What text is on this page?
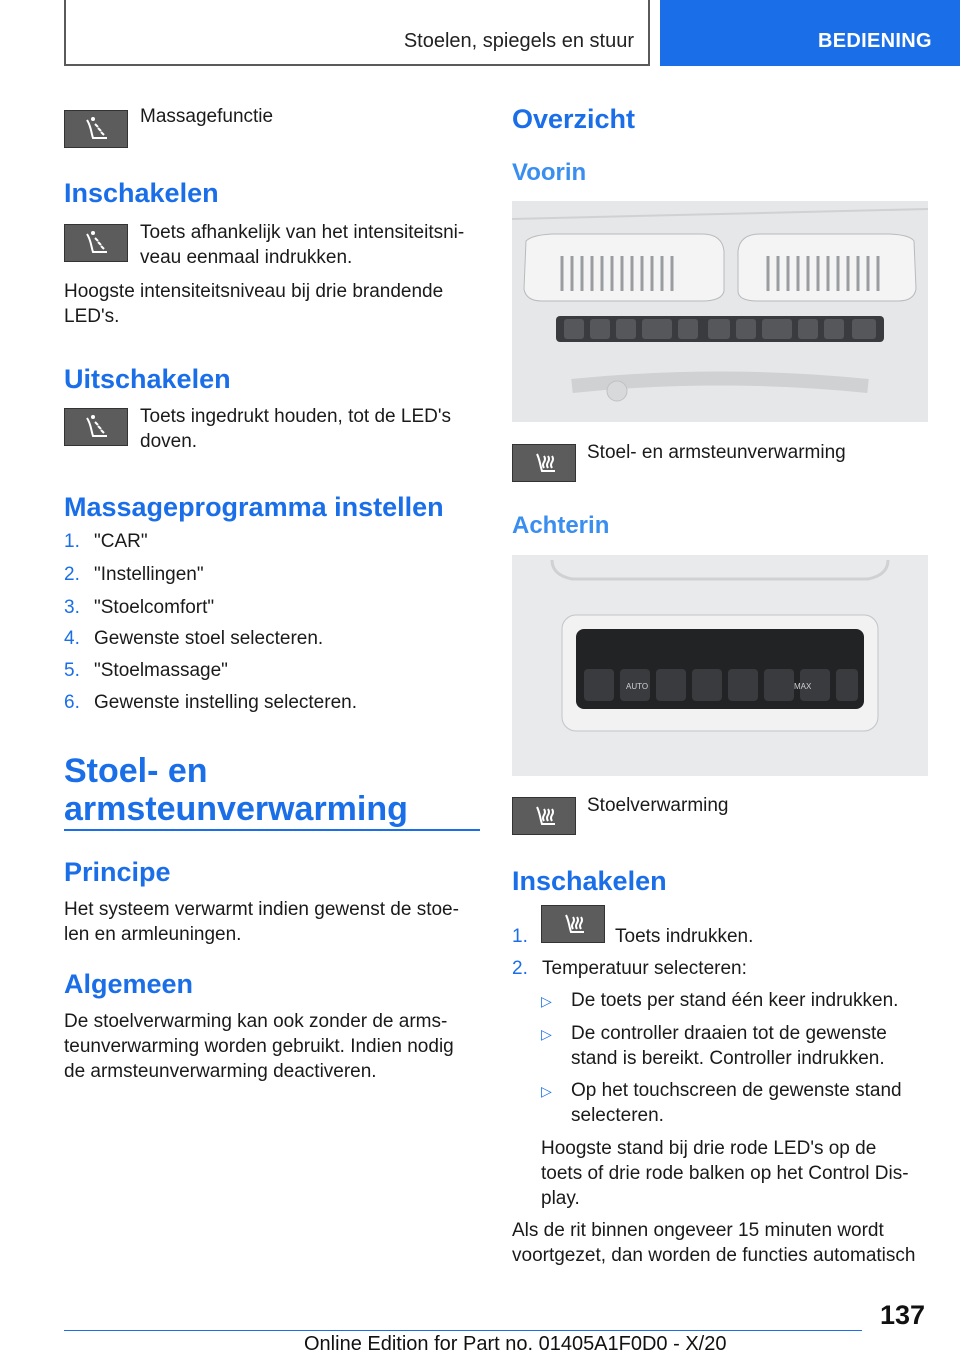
Stoelen, spiegels en stuur	BEDIENING
Massagefunctie
Inschakelen
Toets afhankelijk van het intensiteitsni-
veau eenmaal indrukken.
Hoogste intensiteitsniveau bij drie brandende
LED's.
Uitschakelen
Toets ingedrukt houden, tot de LED's
doven.
Massageprogramma instellen
1. "CAR"
2. "Instellingen"
3. "Stoelcomfort"
4. Gewenste stoel selecteren.
5. "Stoelmassage"
6. Gewenste instelling selecteren.
Stoel- en
armsteunverwarming
Principe
Het systeem verwarmt indien gewenst de stoe-
len en armleuningen.
Algemeen
De stoelverwarming kan ook zonder de arms-
teunverwarming worden gebruikt. Indien nodig
de armsteunverwarming deactiveren.
Overzicht
Voorin
Stoel- en armsteunverwarming
Achterin
AUTO	MAX
Stoelverwarming
Inschakelen
1.	Toets indrukken.
2. Temperatuur selecteren:
▷ De toets per stand één keer indrukken.
▷ De controller draaien tot de gewenste
stand is bereikt. Controller indrukken.
▷ Op het touchscreen de gewenste stand
selecteren.
Hoogste stand bij drie rode LED's op de
toets of drie rode balken op het Control Dis-
play.
Als de rit binnen ongeveer 15 minuten wordt
voortgezet, dan worden de functies automatisch
137
Online Edition for Part no. 01405A1F0D0 - X/20
